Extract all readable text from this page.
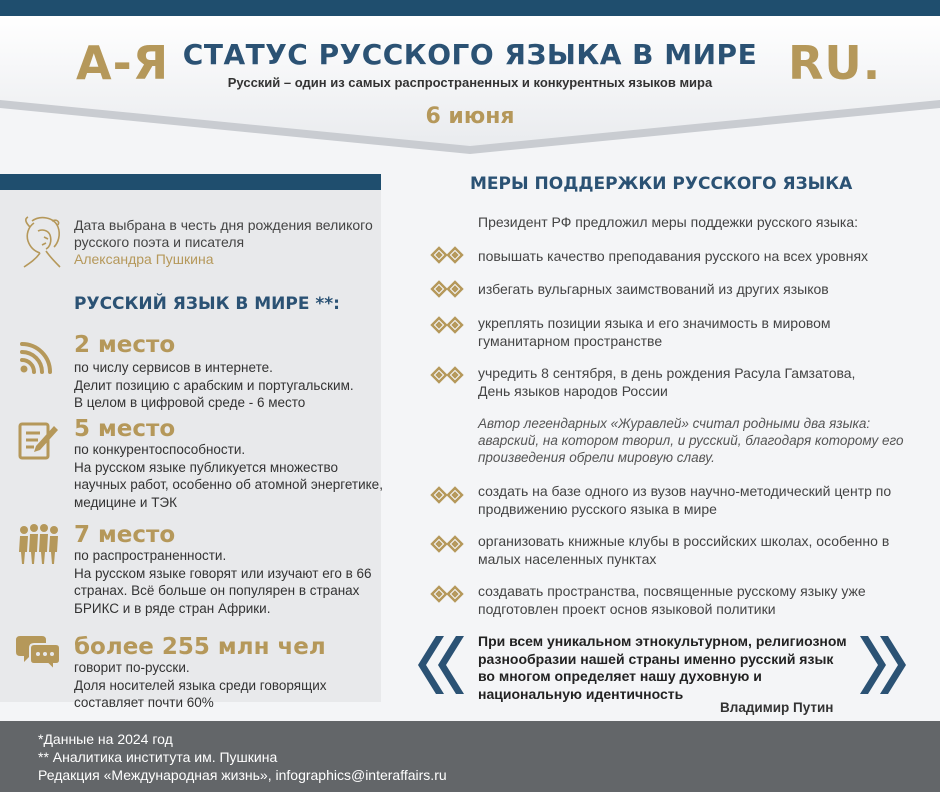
А-Я	RU.
СТАТУС РУССКОГО ЯЗЫКА В МИРЕ
Русский – один из самых распространенных и конкурентных языков мира
6 июня
Дата выбрана в честь дня рождения великого русского поэта и писателя
Александра Пушкина
РУССКИЙ ЯЗЫК В МИРЕ **:
2 место
по числу сервисов в интернете.
Делит позицию с арабским и португальским.
В целом в цифровой среде - 6 место
5 место
по конкурентоспособности.
На русском языке публикуется множество научных работ, особенно об атомной энергетике, медицине и ТЭК
7 место
по распространенности.
На русском языке говорят или изучают его в 66 странах. Всё больше он популярен в странах БРИКС и в ряде стран Африки.
более 255 млн чел
говорит по-русски.
Доля носителей языка среди говорящих составляет почти 60%
МЕРЫ ПОДДЕРЖКИ РУССКОГО ЯЗЫКА
Президент РФ предложил меры поддежки русского языка:
повышать качество преподавания русского на всех уровнях
избегать вульгарных заимствований из других языков
укреплять позиции языка и его значимость в мировом гуманитарном пространстве
учредить 8 сентября, в день рождения Расула Гамзатова, День языков народов России
создать на базе одного из вузов научно-методический центр по продвижению русского языка в мире
организовать книжные клубы в российских школах, особенно в малых населенных пунктах
создавать пространства, посвященные русскому языку уже подготовлен проект основ языковой политики
Автор легендарных «Журавлей» считал родными два языка: аварский, на котором творил, и русский, благодаря которому его произведения обрели мировую славу.
При всем уникальном этнокультурном, религиозном разнообразии нашей страны именно русский язык во многом определяет нашу духовную и национальную идентичность
Владимир Путин
*Данные на 2024 год
** Аналитика института им. Пушкина
Редакция «Международная жизнь», infographics@interaffairs.ru
